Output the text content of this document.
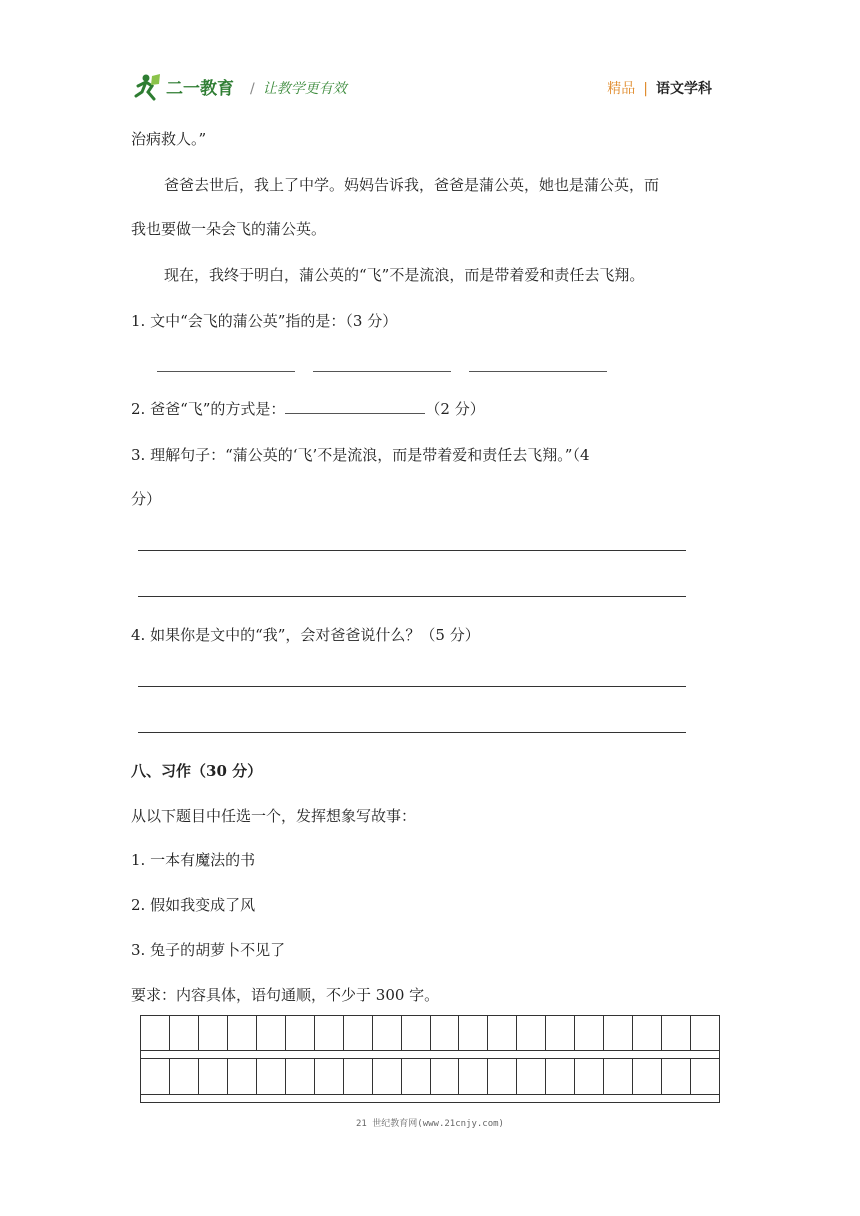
二一教育 / 让教学更有效	精品 | 语文学科
治病救人。”
爸爸去世后，我上了中学。妈妈告诉我，爸爸是蒲公英，她也是蒲公英，而
我也要做一朵会飞的蒲公英。
现在，我终于明白，蒲公英的“飞”不是流浪，而是带着爱和责任去飞翔。
1. 文中“会飞的蒲公英”指的是：（3 分）
2. 爸爸“飞”的方式是：	（2 分）
3. 理解句子：“蒲公英的‘飞’不是流浪，而是带着爱和责任去飞翔。”（4
分）
4. 如果你是文中的“我”，会对爸爸说什么？（5 分）
八、习作（30 分）
从以下题目中任选一个，发挥想象写故事：
1. 一本有魔法的书
2. 假如我变成了风
3. 兔子的胡萝卜不见了
要求：内容具体，语句通顺，不少于 300 字。
21 世纪教育网(www.21cnjy.com)
